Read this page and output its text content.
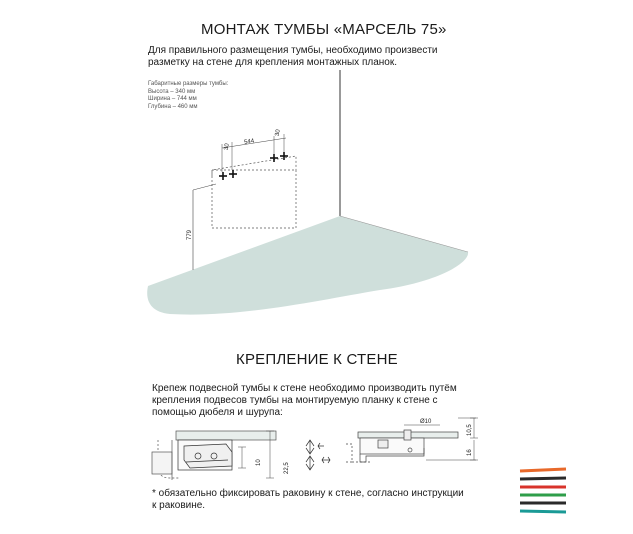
МОНТАЖ ТУМБЫ «МАРСЕЛЬ 75»
Для правильного размещения тумбы, необходимо произвести
разметку на стене для крепления монтажных планок.
Габаритные размеры тумбы:
Высота – 340 мм
Ширина – 744 мм
Глубина – 460 мм
30
544
30
779
КРЕПЛЕНИЕ К СТЕНЕ
Крепеж подвесной тумбы к стене необходимо производить путём
крепления подвесов тумбы на монтируемую планку к стене с
помощью дюбеля и шурупа:
10	22,5
Ø10
10,5
16
* обязательно фиксировать раковину к стене, согласно инструкции
к раковине.
